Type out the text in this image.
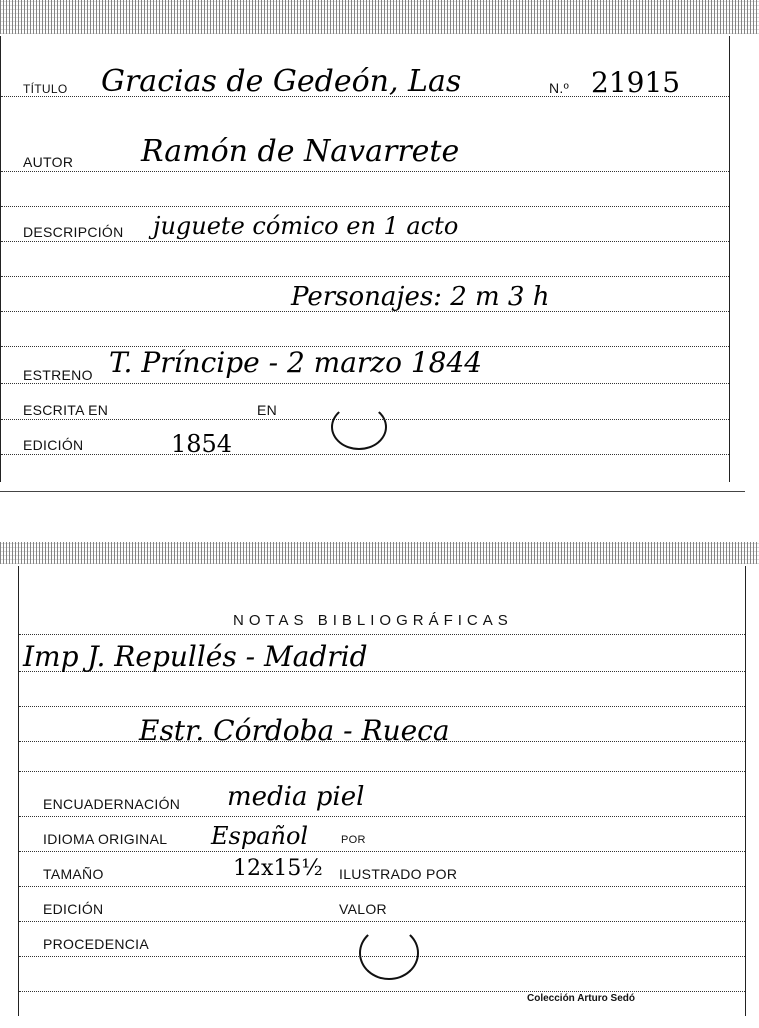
TÍTULO Gracias de Gedeón, Las	N.º 21915
AUTOR Ramón de Navarrete
DESCRIPCIÓN juguete cómico en 1 acto
Personajes: 2 m 3 h
ESTRENO T. Príncipe - 2 marzo 1844
ESCRITA EN	EN
EDICIÓN	1854
NOTAS BIBLIOGRÁFICAS
Imp J. Repullés - Madrid
Estr. Córdoba - Rueca
ENCUADERNACIÓN media piel
IDIOMA ORIGINAL Español	POR
TAMAÑO	12x15½ ILUSTRADO POR
EDICIÓN	VALOR
PROCEDENCIA
Colección Arturo Sedó
